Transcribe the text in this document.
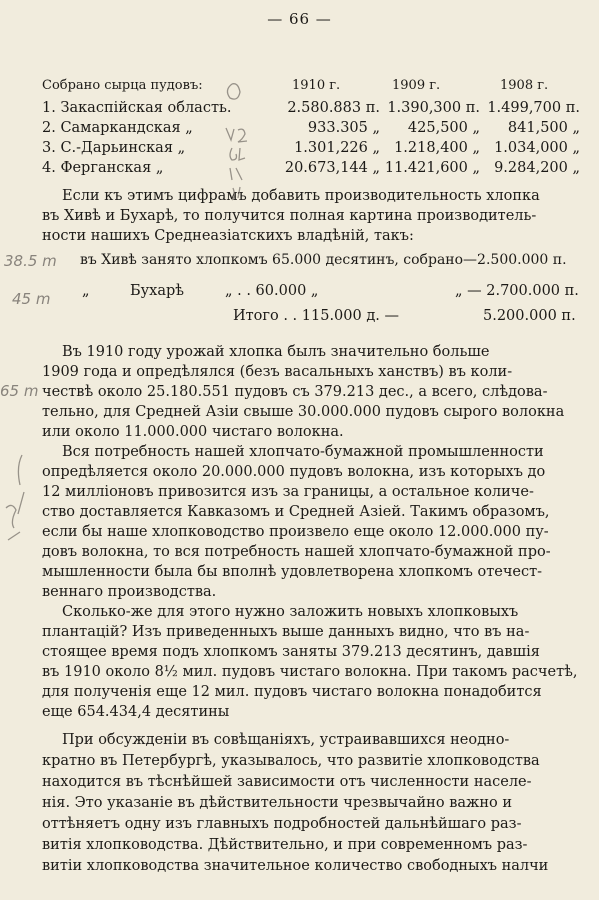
— 66 —
Собрано сырца пудовъ:	1910 г.	1909 г.	1908 г.
1. Закаспійская область.	2.580.883 п. 1.390,300 п. 1.499,700 п.
2. Самаркандская „	933.305 „	425,500 „	841,500 „
3. С.-Дарьинская „	1.301,226 „ 1.218,400 „ 1.034,000 „
4. Ферганская „	20.673,144 „ 11.421,600 „ 9.284,200 „
Если къ этимъ цифрамъ добавить производительность хлопка
въ Хивѣ и Бухарѣ, то получится полная картина производитель-
ности нашихъ Среднеазіатскихъ владѣній, такъ:
въ Хивѣ занято хлопкомъ 65.000 десятинъ, собрано—2.500.000 п.
„	Бухарѣ	„ . . 60.000 „	„ — 2.700.000 п.
Итого . . 115.000 д. —	5.200.000 п.
Въ 1910 году урожай хлопка былъ значительно больше
1909 года и опредѣлялся (безъ васальныхъ ханствъ) въ коли-
чествѣ около 25.180.551 пудовъ съ 379.213 дес., а всего, слѣдова-
тельно, для Средней Азіи свыше 30.000.000 пудовъ сырого волокна
или около 11.000.000 чистаго волокна.
Вся потребность нашей хлопчато-бумажной промышленности
опредѣляется около 20.000.000 пудовъ волокна, изъ которыхъ до
12 милліоновъ привозится изъ за границы, а остальное количе-
ство доставляется Кавказомъ и Средней Азіей. Такимъ образомъ,
если бы наше хлопководство произвело еще около 12.000.000 пу-
довъ волокна, то вся потребность нашей хлопчато-бумажной про-
мышленности была бы вполнѣ удовлетворена хлопкомъ отечест-
веннаго производства.
Сколько-же для этого нужно заложить новыхъ хлопковыхъ
плантацій? Изъ приведенныхъ выше данныхъ видно, что въ на-
стоящее время подъ хлопкомъ заняты 379.213 десятинъ, давшія
въ 1910 около 8½ мил. пудовъ чистаго волокна. При такомъ расчетѣ,
для полученія еще 12 мил. пудовъ чистаго волокна понадобится
еще 654.434,4 десятины
При обсужденіи въ совѣщаніяхъ, устраивавшихся неодно-
кратно въ Петербургѣ, указывалось, что развитіе хлопководства
находится въ тѣснѣйшей зависимости отъ численности населе-
нія. Это указаніе въ дѣйствительности чрезвычайно важно и
оттѣняетъ одну изъ главныхъ подробностей дальнѣйшаго раз-
витія хлопководства. Дѣйствительно, и при современномъ раз-
витіи хлопководства значительное количество свободныхъ налчи
38.5 m
45 m
65 m
